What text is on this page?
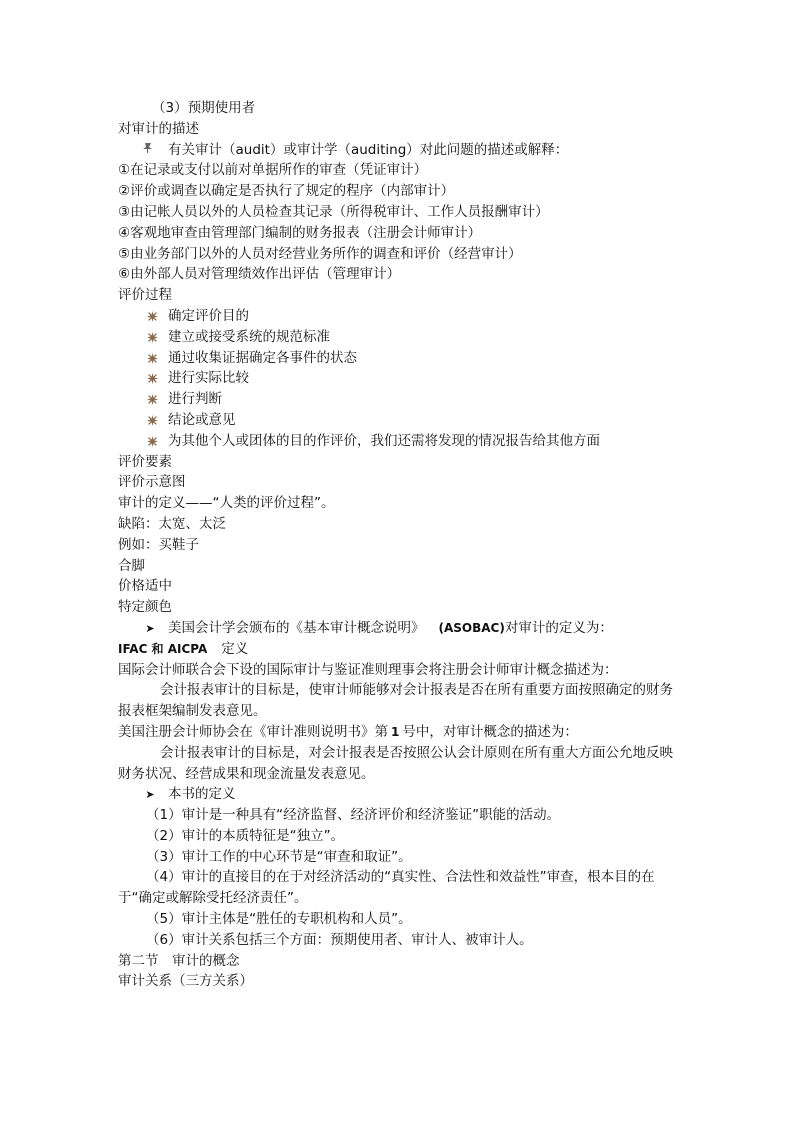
（3）预期使用者
对审计的描述
有关审计（audit）或审计学（auditing）对此问题的描述或解释：
①在记录或支付以前对单据所作的审查（凭证审计）
②评价或调查以确定是否执行了规定的程序（内部审计）
③由记帐人员以外的人员检查其记录（所得税审计、工作人员报酬审计）
④客观地审查由管理部门编制的财务报表（注册会计师审计）
⑤由业务部门以外的人员对经营业务所作的调查和评价（经营审计）
⑥由外部人员对管理绩效作出评估（管理审计）
评价过程
确定评价目的
建立或接受系统的规范标准
通过收集证据确定各事件的状态
进行实际比较
进行判断
结论或意见
为其他个人或团体的目的作评价，我们还需将发现的情况报告给其他方面
评价要素
评价示意图
审计的定义——“人类的评价过程”。
缺陷：太宽、太泛
例如：买鞋子
合脚
价格适中
特定颜色
➤ 美国会计学会颁布的《基本审计概念说明》 (ASOBAC)对审计的定义为：
IFAC 和 AICPA 定义
国际会计师联合会下设的国际审计与鉴证准则理事会将注册会计师审计概念描述为：
会计报表审计的目标是，使审计师能够对会计报表是否在所有重要方面按照确定的财务报表框架编制发表意见。
美国注册会计师协会在《审计准则说明书》第 1 号中，对审计概念的描述为：
会计报表审计的目标是，对会计报表是否按照公认会计原则在所有重大方面公允地反映财务状况、经营成果和现金流量发表意见。
➤ 本书的定义
（1）审计是一种具有“经济监督、经济评价和经济鉴证”职能的活动。
（2）审计的本质特征是“独立”。
（3）审计工作的中心环节是“审查和取证”。
（4）审计的直接目的在于对经济活动的“真实性、合法性和效益性”审查，根本目的在于“确定或解除受托经济责任”。
（5）审计主体是“胜任的专职机构和人员”。
（6）审计关系包括三个方面：预期使用者、审计人、被审计人。
第二节　审计的概念
审计关系（三方关系）
